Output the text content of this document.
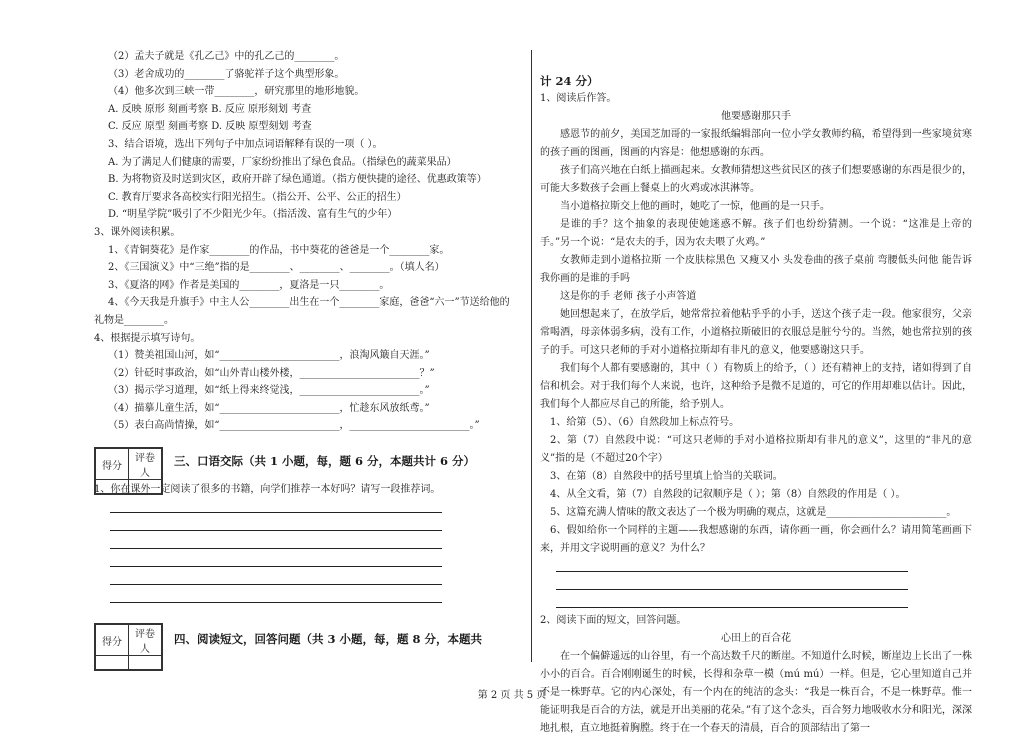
（2）孟夫子就是《孔乙己》中的孔乙己的________。
（3）老舍成功的________了骆驼祥子这个典型形象。
（4）他多次到三峡一带________，研究那里的地形地貌。
A. 反映 原形 刻画考察 B. 反应 原形刻划 考查
C. 反应 原型 刻画考察 D. 反映 原型刻划 考查
3、结合语境，选出下列句子中加点词语解释有误的一项（ ）。
A. 为了满足人们健康的需要，厂家纷纷推出了绿色食品。（指绿色的蔬菜果品）
B. 为将物资及时送到灾区，政府开辟了绿色通道。（指方便快捷的途径、优惠政策等）
C. 教育厅要求各高校实行阳光招生。（指公开、公平、公正的招生）
D. “明星学院”吸引了不少阳光少年。（指活泼、富有生气的少年）
3、课外阅读积累。
1、《青铜葵花》是作家________的作品，书中葵花的爸爸是一个________家。
2、《三国演义》中“三绝”指的是________、________、________。（填人名）
3、《夏洛的网》作者是美国的________，夏洛是一只________。
4、《今天我是升旗手》中主人公________出生在一个________家庭，爸爸“六一”节送给他的
礼物是________。
4、根据提示填写诗句。
（1）赞美祖国山河，如“________________________，浪淘风簸自天涯。”
（2）针砭时事政治，如“山外青山楼外楼，________________________？”
（3）揭示学习道理，如“纸上得来终觉浅，________________________。”
（4）描摹儿童生活，如“________________________，忙趁东风放纸鸢。”
（5）表白高尚情操，如“________________________，________________________。”
得分	评卷人

三、口语交际（共 1 小题，每，题 6 分，本题共计 6 分）
1、你在课外一定阅读了很多的书籍，向学们推荐一本好吗？请写一段推荐词。
得分	评卷人

四、阅读短文，回答问题（共 3 小题，每，题 8 分，本题共
计 24 分）
1、阅读后作答。
他要感谢那只手
感恩节的前夕，美国芝加哥的一家报纸编辑部向一位小学女教师约稿，希望得到一些家境贫寒的孩子画的图画，图画的内容是：他想感谢的东西。
孩子们高兴地在白纸上描画起来。女教师猜想这些贫民区的孩子们想要感谢的东西是很少的，可能大多数孩子会画上餐桌上的火鸡或冰淇淋等。
当小道格拉斯交上他的画时，她吃了一惊，他画的是一只手。
是谁的手？这个抽象的表现使她迷惑不解。孩子们也纷纷猜测。一个说：“这准是上帝的手。”另一个说：“是农夫的手，因为农夫喂了火鸡。”
女教师走到小道格拉斯 一个皮肤棕黑色 又瘦又小 头发卷曲的孩子桌前 弯腰低头问他 能告诉我你画的是谁的手吗
这是你的手 老师 孩子小声答道
她回想起来了，在放学后，她常常拉着他粘乎乎的小手，送这个孩子走一段。他家很穷，父亲常喝酒，母亲体弱多病，没有工作，小道格拉斯破旧的衣服总是脏兮兮的。当然，她也常拉别的孩子的手。可这只老师的手对小道格拉斯却有非凡的意义，他要感谢这只手。
我们每个人都有要感谢的，其中（ ）有物质上的给予，（ ）还有精神上的支持，诸如得到了自信和机会。对于我们每个人来说，也许，这种给予是微不足道的，可它的作用却难以估计。因此，我们每个人都应尽自己的所能，给予别人。
1、给第（5）、（6）自然段加上标点符号。
2、第（7）自然段中说：“可这只老师的手对小道格拉斯却有非凡的意义”，这里的“非凡的意义”指的是（不超过20个字）
3、在第（8）自然段中的括号里填上恰当的关联词。
4、从全文看，第（7）自然段的记叙顺序是（ ）；第（8）自然段的作用是（ ）。
5、这篇充满人情味的散文表达了一个极为明确的观点，这就是________________________。
6、假如给你一个同样的主题——我想感谢的东西，请你画一画，你会画什么？请用简笔画画下来，并用文字说明画的意义？为什么？
2、阅读下面的短文，回答问题。
心田上的百合花
在一个偏僻遥远的山谷里，有一个高达数千尺的断崖。不知道什么时候，断崖边上长出了一株小小的百合。百合刚刚诞生的时候，长得和杂草一模（mú mú）一样。但是，它心里知道自己并不是一株野草。它的内心深处，有一个内在的纯洁的念头：“我是一株百合，不是一株野草。惟一能证明我是百合的方法，就是开出美丽的花朵。”有了这个念头，百合努力地吸收水分和阳光，深深地扎根，直立地挺着胸膛。终于在一个春天的清晨，百合的顶部结出了第一
第 2 页 共 5 页
